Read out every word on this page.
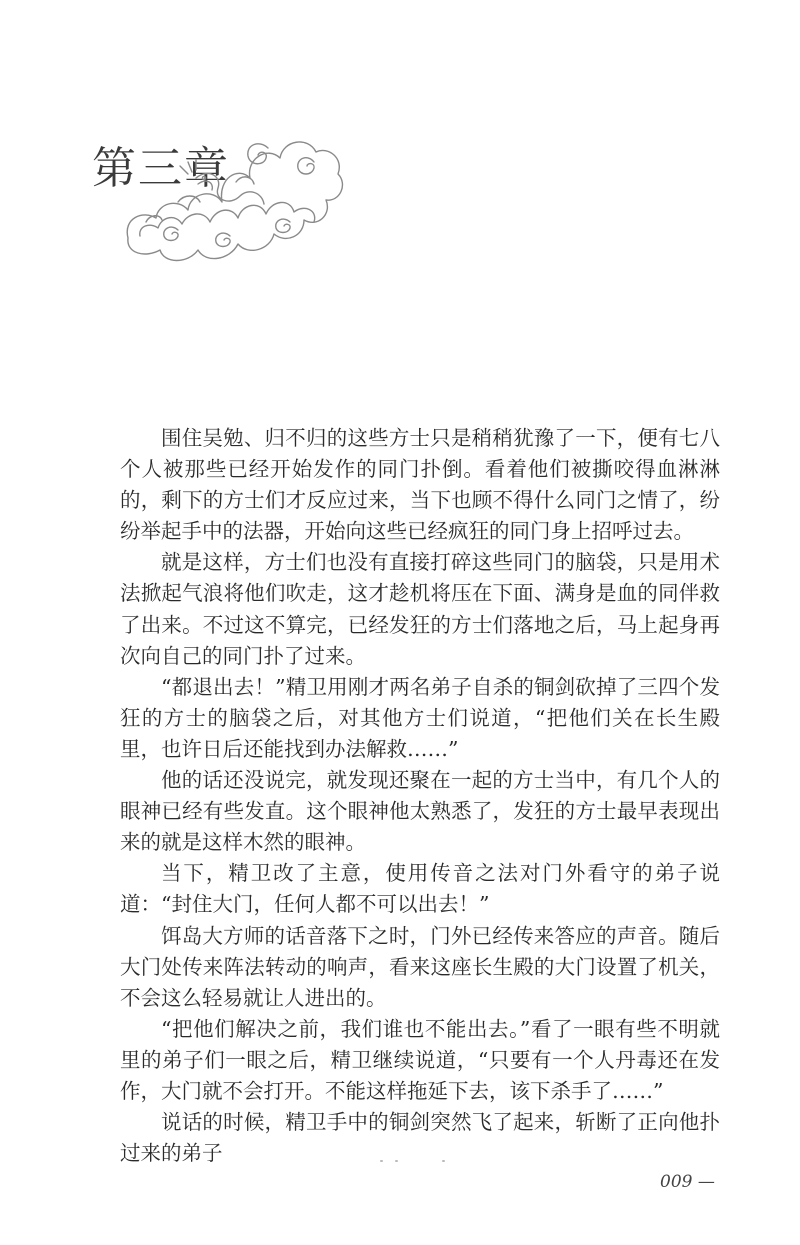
第三章

围住吴勉、归不归的这些方士只是稍稍犹豫了一下，便有七八个人被那些已经开始发作的同门扑倒。看着他们被撕咬得血淋淋的，剩下的方士们才反应过来，当下也顾不得什么同门之情了，纷纷举起手中的法器，开始向这些已经疯狂的同门身上招呼过去。

就是这样，方士们也没有直接打碎这些同门的脑袋，只是用术法掀起气浪将他们吹走，这才趁机将压在下面、满身是血的同伴救了出来。不过这不算完，已经发狂的方士们落地之后，马上起身再次向自己的同门扑了过来。

“都退出去！”精卫用刚才两名弟子自杀的铜剑砍掉了三四个发狂的方士的脑袋之后，对其他方士们说道，“把他们关在长生殿里，也许日后还能找到办法解救……”

他的话还没说完，就发现还聚在一起的方士当中，有几个人的眼神已经有些发直。这个眼神他太熟悉了，发狂的方士最早表现出来的就是这样木然的眼神。

当下，精卫改了主意，使用传音之法对门外看守的弟子说道：“封住大门，任何人都不可以出去！”

饵岛大方师的话音落下之时，门外已经传来答应的声音。随后大门处传来阵法转动的响声，看来这座长生殿的大门设置了机关，不会这么轻易就让人进出的。

“把他们解决之前，我们谁也不能出去。”看了一眼有些不明就里的弟子们一眼之后，精卫继续说道，“只要有一个人丹毒还在发作，大门就不会打开。不能这样拖延下去，该下杀手了……”

说话的时候，精卫手中的铜剑突然飞了起来，斩断了正向他扑过来的弟子

009 —
